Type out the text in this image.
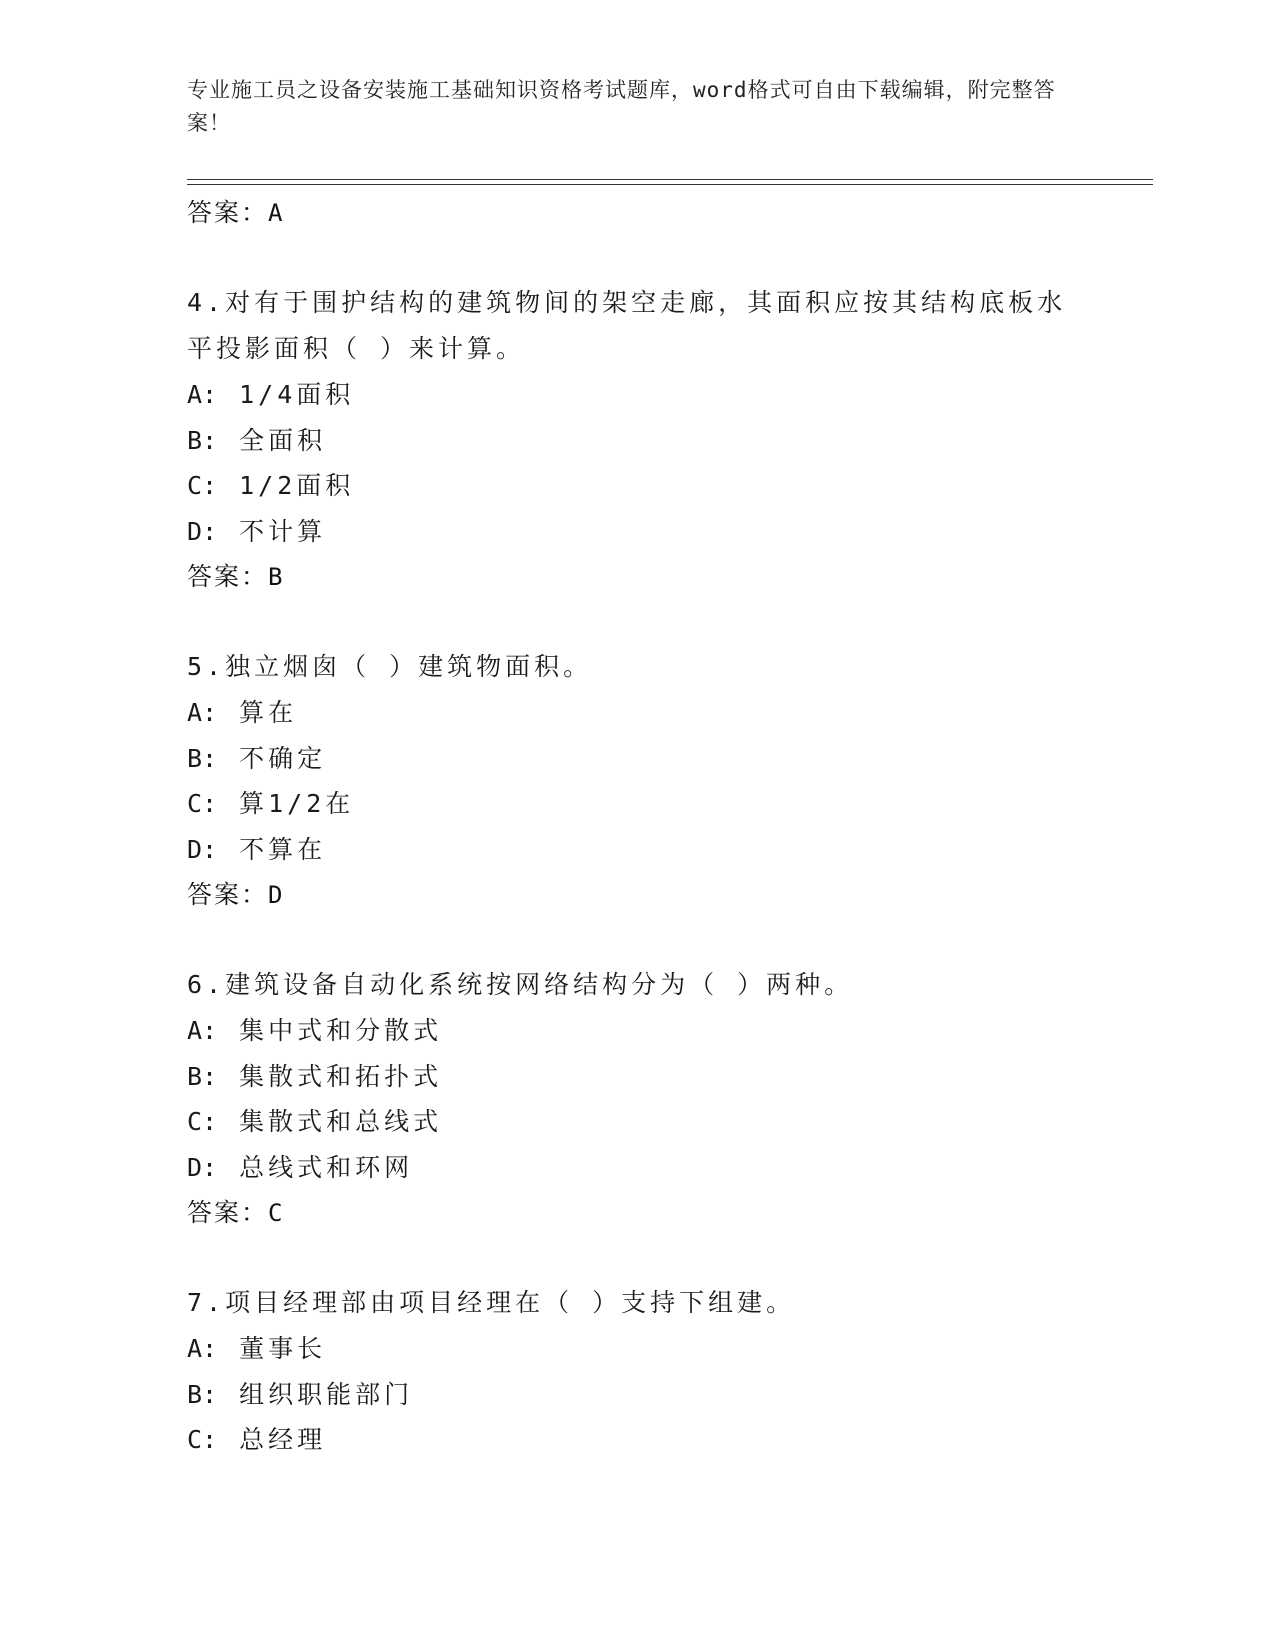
专业施工员之设备安装施工基础知识资格考试题库，word格式可自由下载编辑，附完整答案！
答案：A
4.对有于围护结构的建筑物间的架空走廊，其面积应按其结构底板水平投影面积（ ）来计算。
A: 1/4面积
B: 全面积
C: 1/2面积
D: 不计算
答案：B
5.独立烟囱（ ）建筑物面积。
A: 算在
B: 不确定
C: 算1/2在
D: 不算在
答案：D
6.建筑设备自动化系统按网络结构分为（ ）两种。
A: 集中式和分散式
B: 集散式和拓扑式
C: 集散式和总线式
D: 总线式和环网
答案：C
7.项目经理部由项目经理在（ ）支持下组建。
A: 董事长
B: 组织职能部门
C: 总经理
